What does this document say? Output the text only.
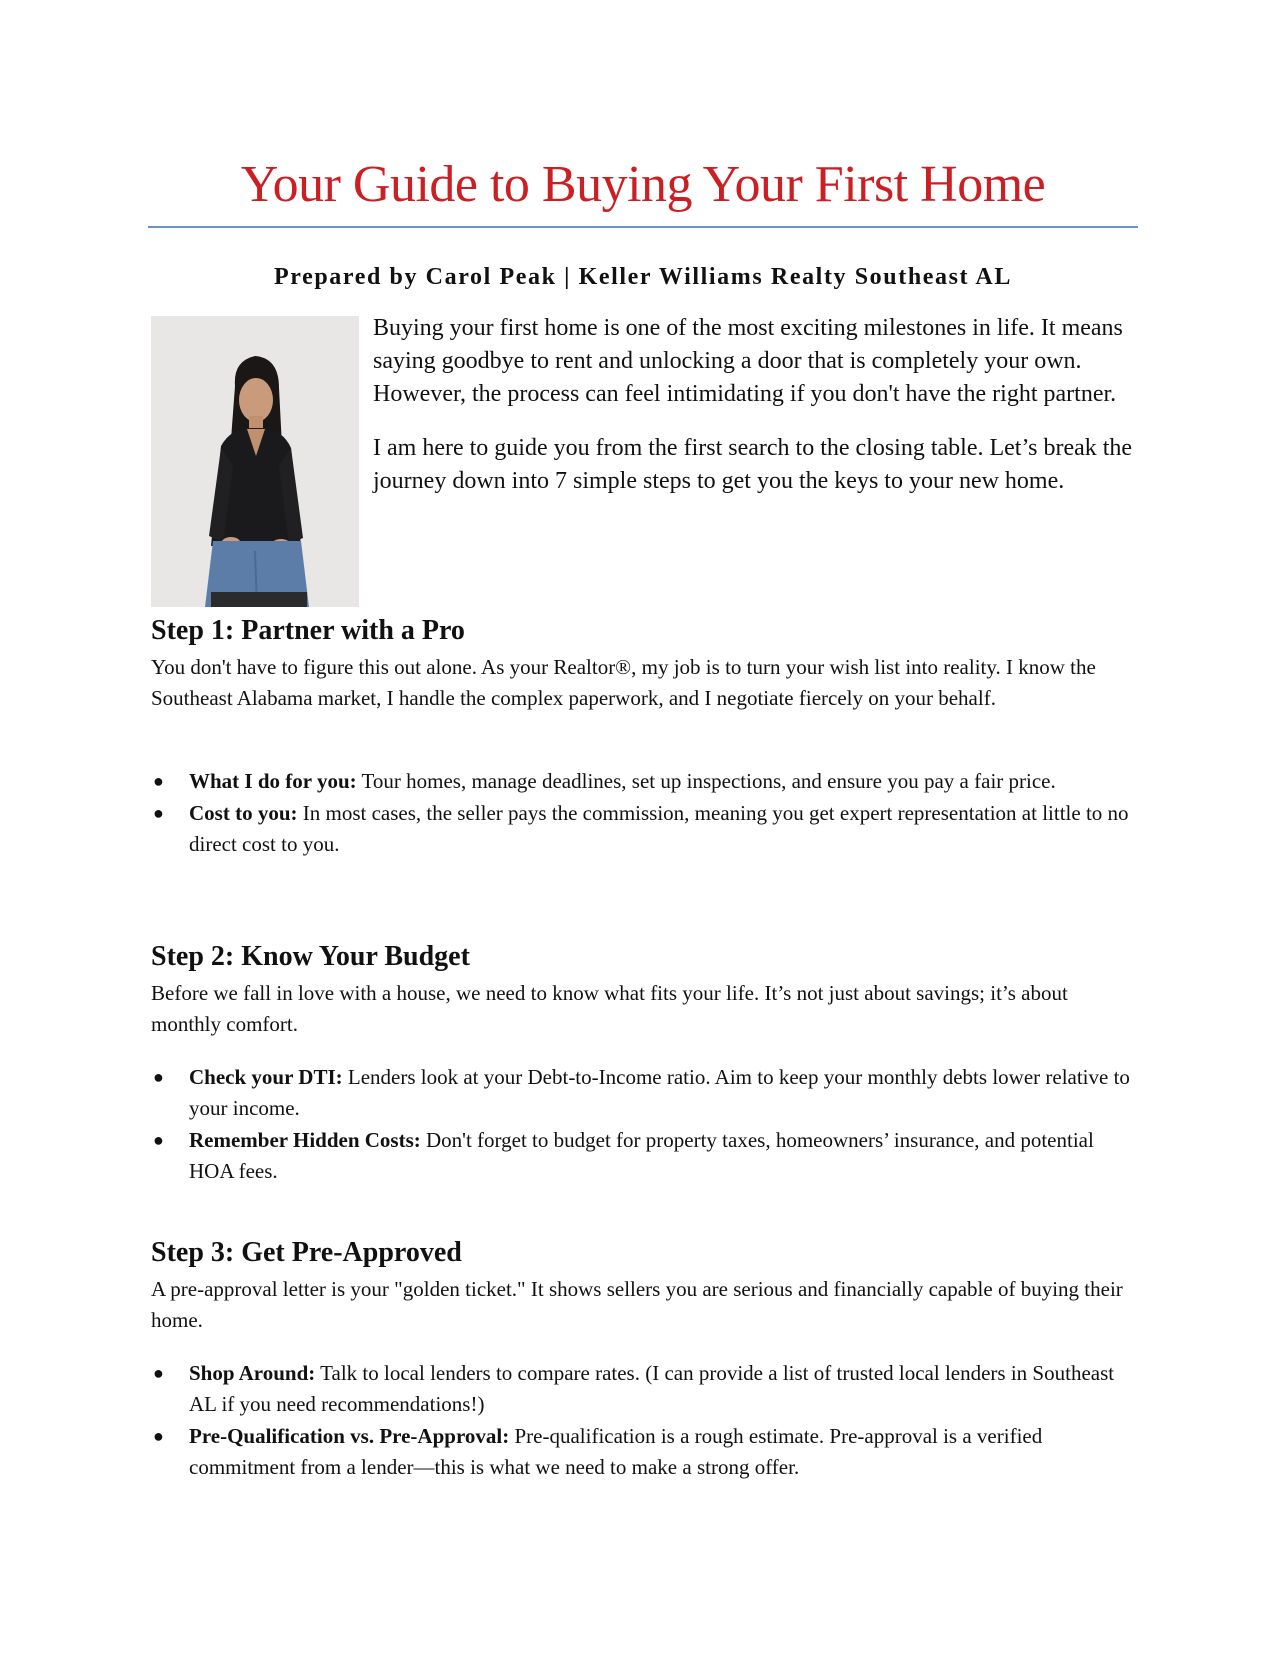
Your Guide to Buying Your First Home
Prepared by Carol Peak | Keller Williams Realty Southeast AL

Buying your first home is one of the most exciting milestones in life. It means saying goodbye to rent and unlocking a door that is completely your own. However, the process can feel intimidating if you don't have the right partner.

I am here to guide you from the first search to the closing table. Let’s break the journey down into 7 simple steps to get you the keys to your new home.

Step 1: Partner with a Pro

You don't have to figure this out alone. As your Realtor®, my job is to turn your wish list into reality. I know the Southeast Alabama market, I handle the complex paperwork, and I negotiate fiercely on your behalf.

● What I do for you: Tour homes, manage deadlines, set up inspections, and ensure you pay a fair price.
● Cost to you: In most cases, the seller pays the commission, meaning you get expert representation at little to no direct cost to you.
Step 2: Know Your Budget

Before we fall in love with a house, we need to know what fits your life. It’s not just about savings; it’s about monthly comfort.

● Check your DTI: Lenders look at your Debt-to-Income ratio. Aim to keep your monthly debts lower relative to your income.
● Remember Hidden Costs: Don't forget to budget for property taxes, homeowners’ insurance, and potential HOA fees.
Step 3: Get Pre-Approved

A pre-approval letter is your "golden ticket." It shows sellers you are serious and financially capable of buying their home.

● Shop Around: Talk to local lenders to compare rates. (I can provide a list of trusted local lenders in Southeast AL if you need recommendations!)
● Pre-Qualification vs. Pre-Approval: Pre-qualification is a rough estimate. Pre-approval is a verified commitment from a lender—this is what we need to make a strong offer.
